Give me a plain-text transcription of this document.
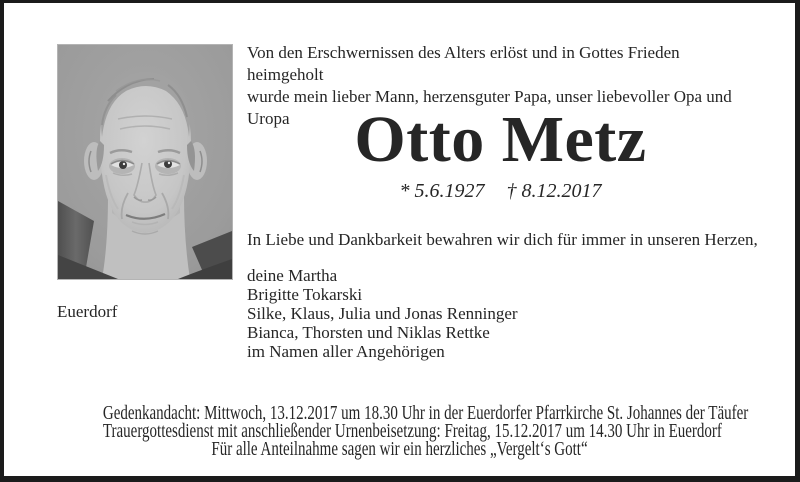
Euerdorf
Von den Erschwernissen des Alters erlöst und in Gottes Frieden heimgeholt
wurde mein lieber Mann, herzensguter Papa, unser liebevoller Opa und Uropa Otto Metz
* 5.6.1927 † 8.12.2017
In Liebe und Dankbarkeit bewahren wir dich für immer in unseren Herzen,
deine Martha
Brigitte Tokarski
Silke, Klaus, Julia und Jonas Renninger
Bianca, Thorsten und Niklas Rettke
im Namen aller Angehörigen
Gedenkandacht: Mittwoch, 13.12.2017 um 18.30 Uhr in der Euerdorfer Pfarrkirche St. Johannes der Täufer
Trauergottesdienst mit anschließender Urnenbeisetzung: Freitag, 15.12.2017 um 14.30 Uhr in Euerdorf
Für alle Anteilnahme sagen wir ein herzliches „Vergelt‘s Gott“
